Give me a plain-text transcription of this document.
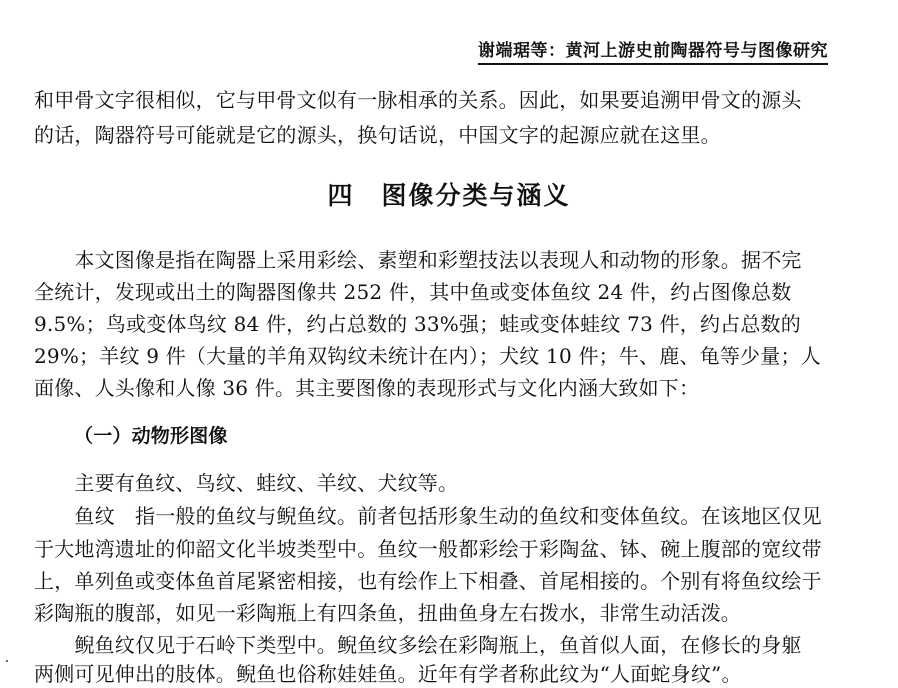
谢端琚等：黄河上游史前陶器符号与图像研究
和甲骨文字很相似，它与甲骨文似有一脉相承的关系。因此，如果要追溯甲骨文的源头
的话，陶器符号可能就是它的源头，换句话说，中国文字的起源应就在这里。
四　图像分类与涵义
　　本文图像是指在陶器上采用彩绘、素塑和彩塑技法以表现人和动物的形象。据不完
全统计，发现或出土的陶器图像共 252 件，其中鱼或变体鱼纹 24 件，约占图像总数
9.5%；鸟或变体鸟纹 84 件，约占总数的 33%强；蛙或变体蛙纹 73 件，约占总数的
29%；羊纹 9 件（大量的羊角双钩纹未统计在内）；犬纹 10 件；牛、鹿、龟等少量；人
面像、人头像和人像 36 件。其主要图像的表现形式与文化内涵大致如下：
（一）动物形图像
　　主要有鱼纹、鸟纹、蛙纹、羊纹、犬纹等。
　　鱼纹　指一般的鱼纹与鲵鱼纹。前者包括形象生动的鱼纹和变体鱼纹。在该地区仅见
于大地湾遗址的仰韶文化半坡类型中。鱼纹一般都彩绘于彩陶盆、钵、碗上腹部的宽纹带
上，单列鱼或变体鱼首尾紧密相接，也有绘作上下相叠、首尾相接的。个别有将鱼纹绘于
彩陶瓶的腹部，如见一彩陶瓶上有四条鱼，扭曲鱼身左右拨水，非常生动活泼。
　　鲵鱼纹仅见于石岭下类型中。鲵鱼纹多绘在彩陶瓶上，鱼首似人面，在修长的身躯
两侧可见伸出的肢体。鲵鱼也俗称娃娃鱼。近年有学者称此纹为“人面蛇身纹”。
